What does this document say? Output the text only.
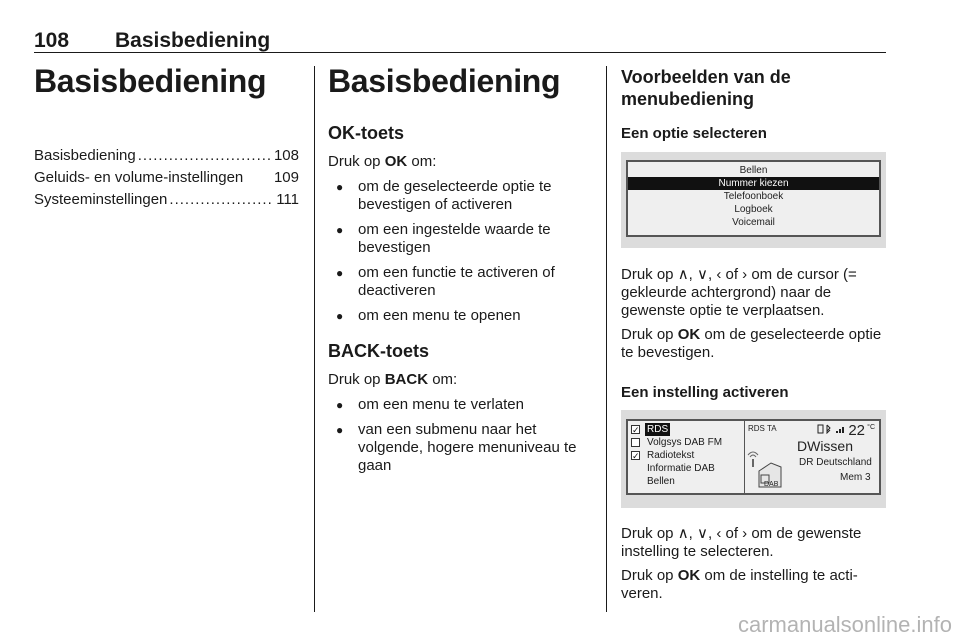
108 Basisbediening
Basisbediening
Basisbediening .....	108
Geluids- en volume-instellingen 109
Systeeminstellingen .....	111
Basisbediening
OK-toets

Druk op OK om:

● om de geselecteerde optie te bevestigen of activeren
● om een ingestelde waarde te bevestigen
● om een functie te activeren of deactiveren
● om een menu te openen
BACK-toets

Druk op BACK om:

● om een menu te verlaten
● van een submenu naar het volgende, hogere menuniveau te gaan
Voorbeelden van de
menubediening

Een optie selecteren

Bellen
Nummer kiezen
Telefoonboek
Logboek
Voicemail

Druk op ∧, ∨, ‹ of › om de cursor (= gekleurde achtergrond) naar de gewenste optie te verplaatsen.

Druk op OK om de geselecteerde optie te bevestigen.

Een instelling activeren

✓ RDS
Volgsys DAB FM
✓ Radiotekst
Informatie DAB
Bellen
RDS TA	22 °C
DWissen
DR Deutschland
Mem 3
DAB

Druk op ∧, ∨, ‹ of › om de gewenste instelling te selecteren.

Druk op OK om de instelling te activeren.

carmanualsonline.info
